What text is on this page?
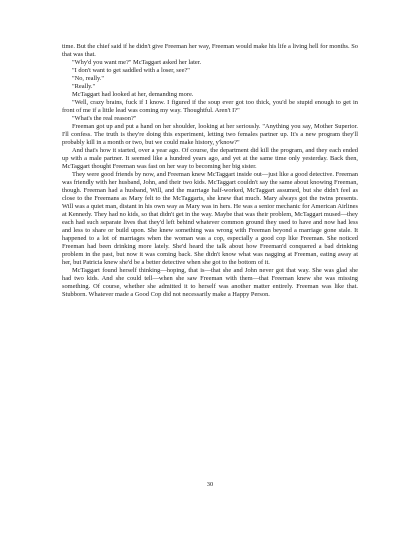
time. But the chief said if he didn't give Freeman her way, Freeman would make his life a living hell for months. So that was that.

"Why'd you want me?" McTaggart asked her later.

"I don't want to get saddled with a loser, see?"

"No, really."

"Really."

McTaggart had looked at her, demanding more.

"Well, crazy brains, fuck if I know. I figured if the soup ever got too thick, you'd be stupid enough to get in front of me if a little lead was coming my way. Thoughtful. Aren't I?"

"What's the real reason?"

Freeman got up and put a hand on her shoulder, looking at her seriously. "Anything you say, Mother Superior. I'll confess. The truth is they're doing this experiment, letting two females partner up. It's a new program they'll probably kill in a month or two, but we could make history, y'know?"

And that's how it started, over a year ago. Of course, the department did kill the program, and they each ended up with a male partner. It seemed like a hundred years ago, and yet at the same time only yesterday. Back then, McTaggart thought Freeman was fast on her way to becoming her big sister.

They were good friends by now, and Freeman knew McTaggart inside out—just like a good detective. Freeman was friendly with her husband, John, and their two kids. McTaggart couldn't say the same about knowing Freeman, though. Freeman had a husband, Will, and the marriage half-worked, McTaggart assumed, but she didn't feel as close to the Freemans as Mary felt to the McTaggarts, she knew that much. Mary always got the twins presents. Will was a quiet man, distant in his own way as Mary was in hers. He was a senior mechanic for American Airlines at Kennedy. They had no kids, so that didn't get in the way. Maybe that was their problem, McTaggart mused—they each had such separate lives that they'd left behind whatever common ground they used to have and now had less and less to share or build upon. She knew something was wrong with Freeman beyond a marriage gone stale. It happened to a lot of marriages when the woman was a cop, especially a good cop like Freeman. She noticed Freeman had been drinking more lately. She'd heard the talk about how Freeman'd conquered a bad drinking problem in the past, but now it was coming back. She didn't know what was nagging at Freeman, eating away at her, but Patricia knew she'd be a better detective when she got to the bottom of it.

McTaggart found herself thinking—hoping, that is—that she and John never got that way. She was glad she had two kids. And she could tell—when she saw Freeman with them—that Freeman knew she was missing something. Of course, whether she admitted it to herself was another matter entirely. Freeman was like that. Stubborn. Whatever made a Good Cop did not necessarily make a Happy Person.

30
